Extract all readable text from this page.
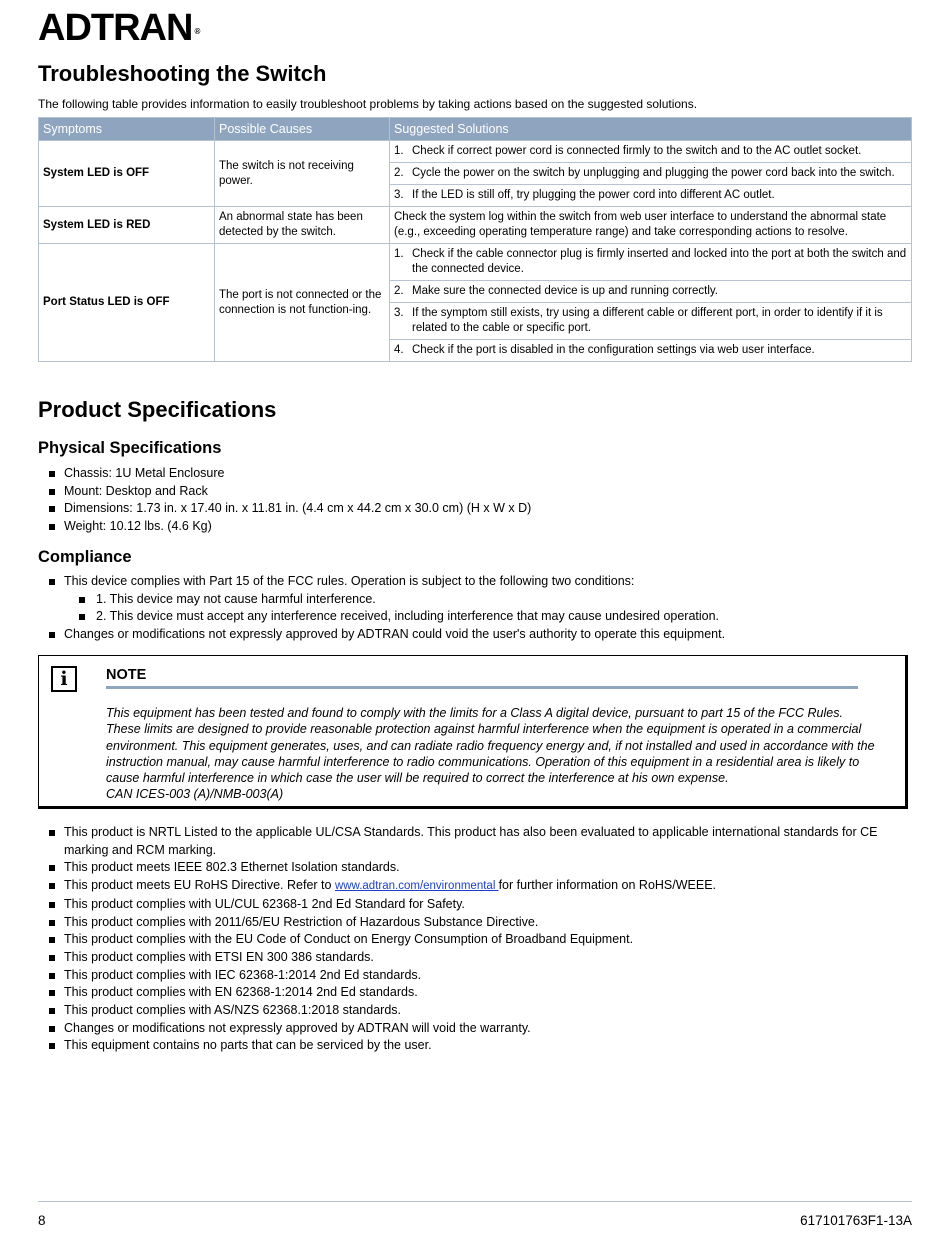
ADTRAN ®
Troubleshooting the Switch

The following table provides information to easily troubleshoot problems by taking actions based on the suggested solutions.

Symptoms	Possible Causes	Suggested Solutions
System LED is OFF	The switch is not receiving power.	1. Check if correct power cord is connected firmly to the switch and to the AC outlet socket.

		2. Cycle the power on the switch by unplugging and plugging the power cord back into the switch.

		3. If the LED is still off, try plugging the power cord into different AC outlet.

System LED is RED	An abnormal state has been detected by the switch.	Check the system log within the switch from web user interface to understand the abnormal state (e.g., exceeding operating temperature range) and take corresponding actions to resolve.
Port Status LED is OFF	The port is not connected or the connection is not function-ing.	1. Check if the cable connector plug is firmly inserted and locked into the port at both the switch and the connected device.

		2. Make sure the connected device is up and running correctly.

		3. If the symptom still exists, try using a different cable or different port, in order to identify if it is related to the cable or specific port.

		4. Check if the port is disabled in the configuration settings via web user interface.
Product Specifications
Physical Specifications
Chassis: 1U Metal Enclosure
Mount: Desktop and Rack
Dimensions: 1.73 in. x 17.40 in. x 11.81 in. (4.4 cm x 44.2 cm x 30.0 cm) (H x W x D)
Weight: 10.12 lbs. (4.6 Kg)
Compliance
This device complies with Part 15 of the FCC rules. Operation is subject to the following two conditions:
1. This device may not cause harmful interference.
2. This device must accept any interference received, including interference that may cause undesired operation.
Changes or modifications not expressly approved by ADTRAN could void the user's authority to operate this equipment.
i	NOTE
This equipment has been tested and found to comply with the limits for a Class A digital device, pursuant to part 15 of the FCC Rules.
These limits are designed to provide reasonable protection against harmful interference when the equipment is operated in a commercial
environment. This equipment generates, uses, and can radiate radio frequency energy and, if not installed and used in accordance with the
instruction manual, may cause harmful interference to radio communications. Operation of this equipment in a residential area is likely to
cause harmful interference in which case the user will be required to correct the interference at his own expense.
CAN ICES-003 (A)/NMB-003(A)
This product is NRTL Listed to the applicable UL/CSA Standards. This product has also been evaluated to applicable international standards for CE marking and RCM marking.
This product meets IEEE 802.3 Ethernet Isolation standards.
This product meets EU RoHS Directive. Refer to www.adtran.com/environmental for further information on RoHS/WEEE.
This product complies with UL/CUL 62368-1 2nd Ed Standard for Safety.
This product complies with 2011/65/EU Restriction of Hazardous Substance Directive.
This product complies with the EU Code of Conduct on Energy Consumption of Broadband Equipment.
This product complies with ETSI EN 300 386 standards.
This product complies with IEC 62368-1:2014 2nd Ed standards.
This product complies with EN 62368-1:2014 2nd Ed standards.
This product complies with AS/NZS 62368.1:2018 standards.
Changes or modifications not expressly approved by ADTRAN will void the warranty.
This equipment contains no parts that can be serviced by the user.
8	617101763F1-13A
